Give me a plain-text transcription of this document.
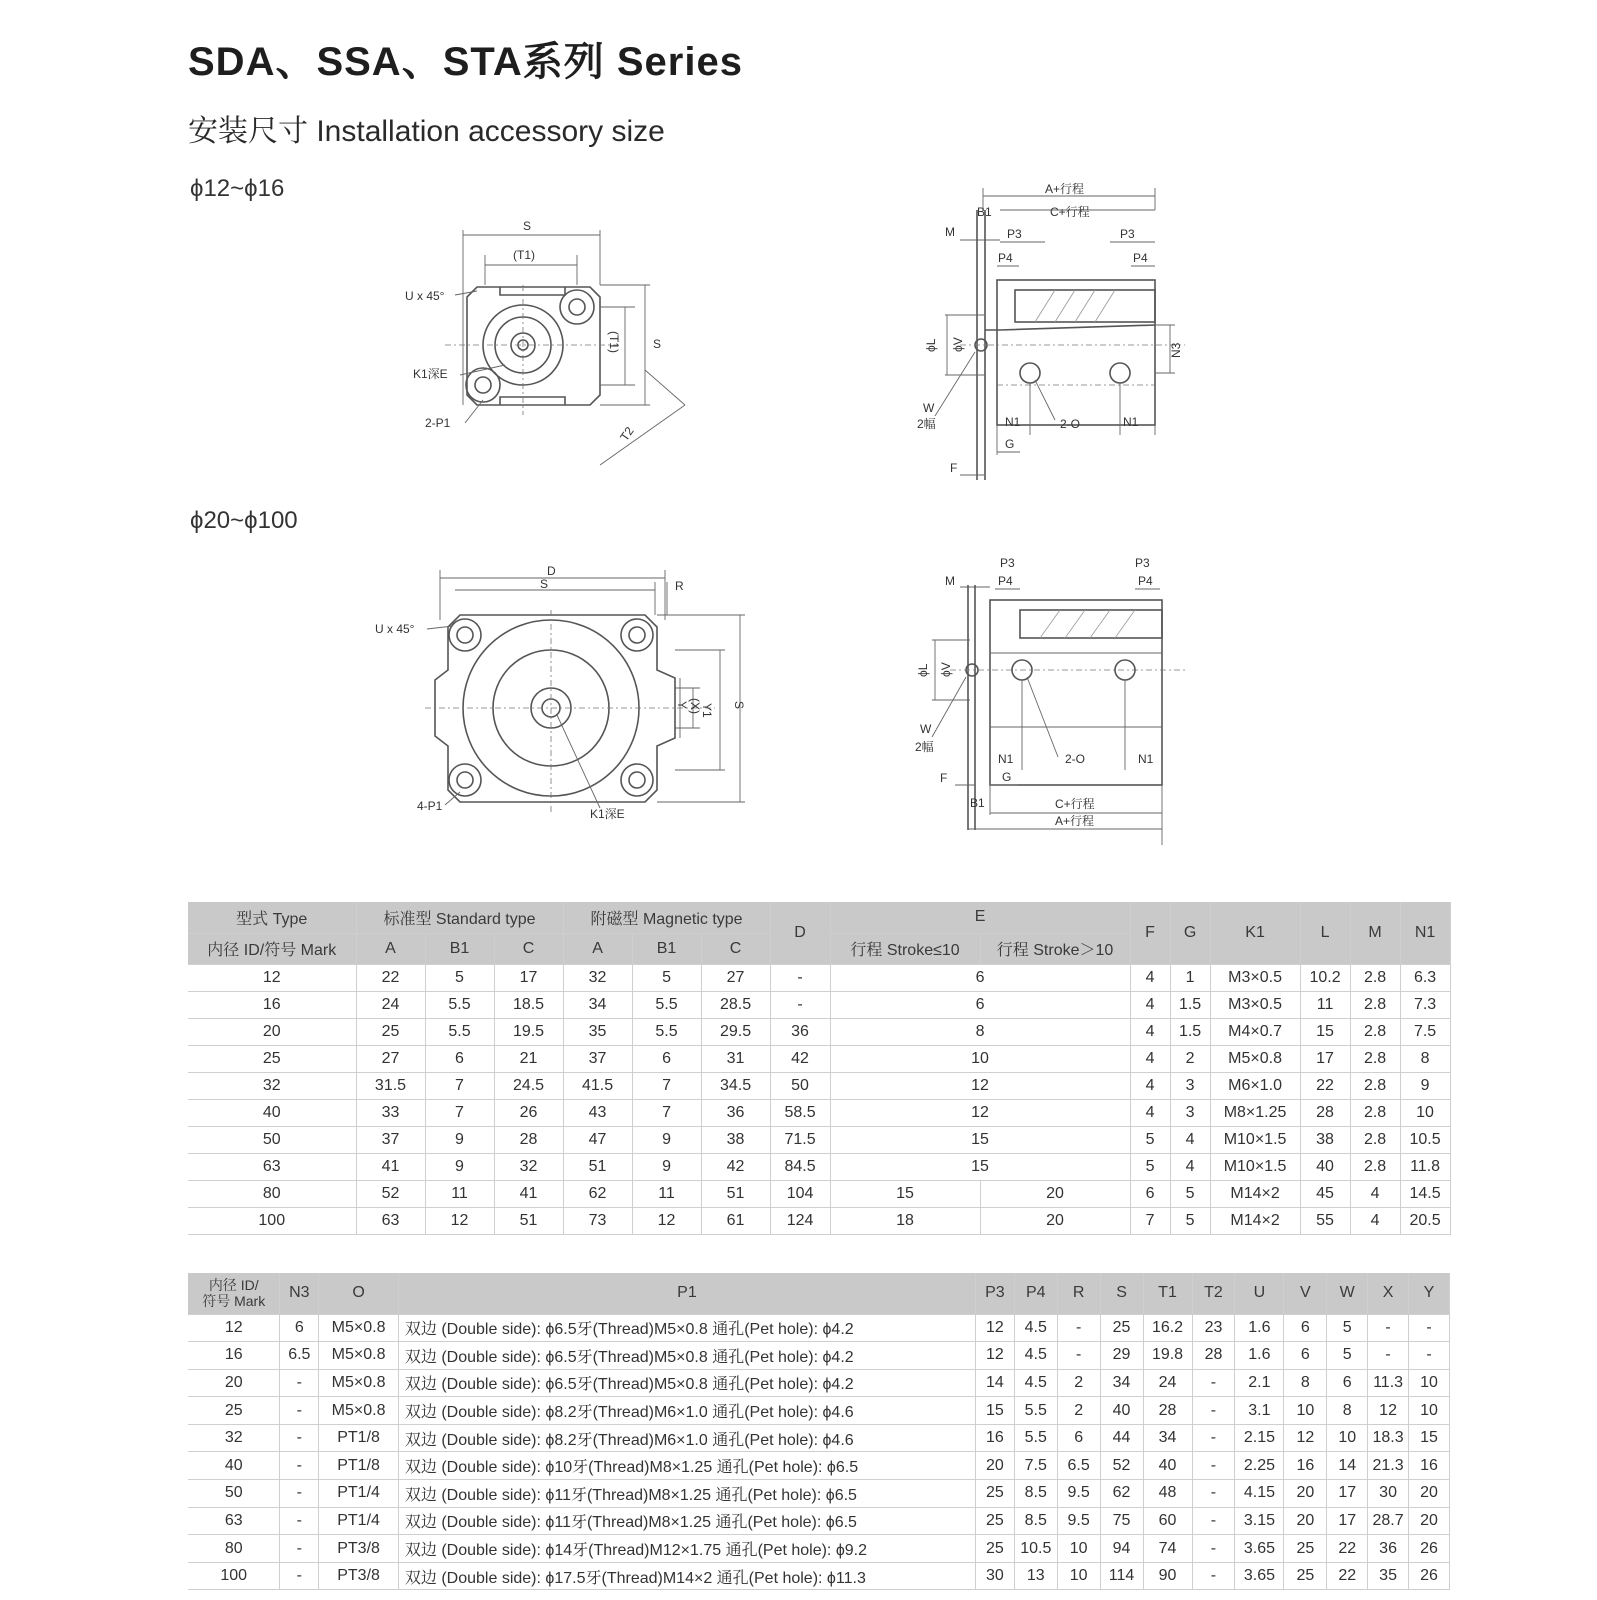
SDA、SSA、STA系列 Series
安装尺寸 Installation accessory size
ϕ12~ϕ16
ϕ20~ϕ100
S
(T1)
(T1)	S
T2
U x 45°
K1深E
2-P1
A+行程
B1	C+行程
M	P3	P3
P4	P4
ϕL ϕV	N3
W
2幅	N1	2-O	N1
G
F
D
S	R
(X)
Y Y1 S
U x 45°
4-P1
K1深E
P3	P3
M	P4	P4
ϕL ϕV
W
2幅
N1	2-O	N1
G
F
B1	C+行程
A+行程
型式 Type	标准型 Standard type			附磁型 Magnetic type			D	E		F	G	K1	L	M	N1
内径 ID/符号 Mark	A	B1	C	A	B1	C		行程 Stroke≤10	行程 Stroke＞10						
12	22	5	17	32	5	27	-	6		4	1	M3×0.5	10.2	2.8	6.3
16	24	5.5	18.5	34	5.5	28.5	-	6		4	1.5	M3×0.5	11	2.8	7.3
20	25	5.5	19.5	35	5.5	29.5	36	8		4	1.5	M4×0.7	15	2.8	7.5
25	27	6	21	37	6	31	42	10		4	2	M5×0.8	17	2.8	8
32	31.5	7	24.5	41.5	7	34.5	50	12		4	3	M6×1.0	22	2.8	9
40	33	7	26	43	7	36	58.5	12		4	3	M8×1.25	28	2.8	10
50	37	9	28	47	9	38	71.5	15		5	4	M10×1.5	38	2.8	10.5
63	41	9	32	51	9	42	84.5	15		5	4	M10×1.5	40	2.8	11.8
80	52	11	41	62	11	51	104	15	20	6	5	M14×2	45	4	14.5
100	63	12	51	73	12	61	124	18	20	7	5	M14×2	55	4	20.5
内径 ID/
符号 Mark	N3	O	P1	P3	P4	R	S	T1	T2	U	V	W	X	Y
12	6	M5×0.8	双边 (Double side): ϕ6.5牙(Thread)M5×0.8 通孔(Pet hole): ϕ4.2	12	4.5	-	25	16.2	23	1.6	6	5	-	-
16	6.5	M5×0.8	双边 (Double side): ϕ6.5牙(Thread)M5×0.8 通孔(Pet hole): ϕ4.2	12	4.5	-	29	19.8	28	1.6	6	5	-	-
20	-	M5×0.8	双边 (Double side): ϕ6.5牙(Thread)M5×0.8 通孔(Pet hole): ϕ4.2	14	4.5	2	34	24	-	2.1	8	6	11.3	10
25	-	M5×0.8	双边 (Double side): ϕ8.2牙(Thread)M6×1.0 通孔(Pet hole): ϕ4.6	15	5.5	2	40	28	-	3.1	10	8	12	10
32	-	PT1/8	双边 (Double side): ϕ8.2牙(Thread)M6×1.0 通孔(Pet hole): ϕ4.6	16	5.5	6	44	34	-	2.15	12	10	18.3	15
40	-	PT1/8	双边 (Double side): ϕ10牙(Thread)M8×1.25 通孔(Pet hole): ϕ6.5	20	7.5	6.5	52	40	-	2.25	16	14	21.3	16
50	-	PT1/4	双边 (Double side): ϕ11牙(Thread)M8×1.25 通孔(Pet hole): ϕ6.5	25	8.5	9.5	62	48	-	4.15	20	17	30	20
63	-	PT1/4	双边 (Double side): ϕ11牙(Thread)M8×1.25 通孔(Pet hole): ϕ6.5	25	8.5	9.5	75	60	-	3.15	20	17	28.7	20
80	-	PT3/8	双边 (Double side): ϕ14牙(Thread)M12×1.75 通孔(Pet hole): ϕ9.2	25	10.5	10	94	74	-	3.65	25	22	36	26
100	-	PT3/8	双边 (Double side): ϕ17.5牙(Thread)M14×2 通孔(Pet hole): ϕ11.3	30	13	10	114	90	-	3.65	25	22	35	26
